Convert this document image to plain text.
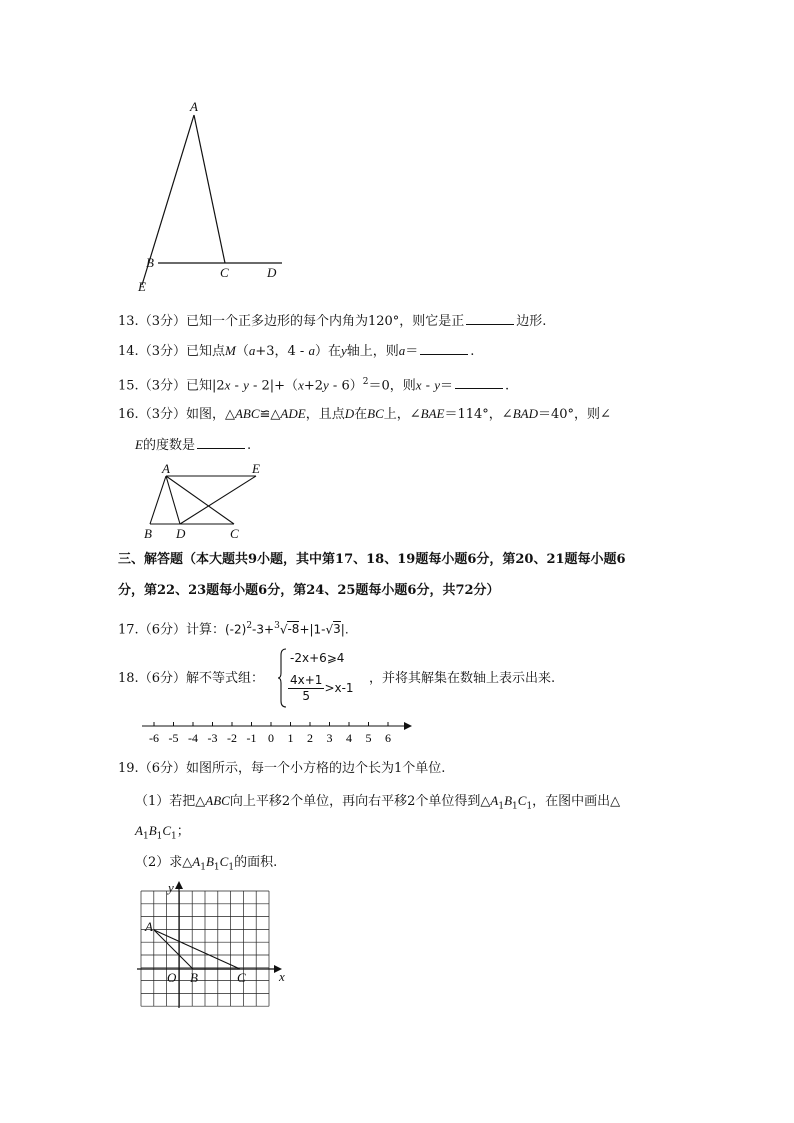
A
B
C	D
E
13.（3分）已知一个正多边形的每个内角为120°，则它是正	边形.
14.（3分）已知点M（a+3，4 - a）在y轴上，则a＝	.
15.（3分）已知$|2x - y - 2|+(x+2y - 6)^2=0$，则x - y＝	.
16.（3分）如图，△ABC≌△ADE，且点D在BC上，∠BAE＝114°，∠BAD＝40°，则∠
E的度数是	.
A	E
B D	C
三、解答题（本大题共9小题，其中第17、18、19题每小题6分，第20、21题每小题6
分，第22、23题每小题6分，第24、25题每小题6分，共72分）
17.（6分）计算：$(-2)^2-3+^3√-8+|1-√3|$.
18.（6分）解不等式组：
-2x+6⩾4
$\frac{4x+1}{5} >x-1$
，并将其解集在数轴上表示出来.
-6 -5 -4 -3 -2 -1 0 1 2 3 4 5 6
19.（6分）如图所示，每一个小方格的边个长为1个单位.
（1）若把△ABC向上平移2个单位，再向右平移2个单位得到$\triangle A_1B_1C_1$，在图中画出△
$A_1B_1C_1$；
（2）求$\triangle A_1B_1C_1$的面积.
x
y
A
O B	C
